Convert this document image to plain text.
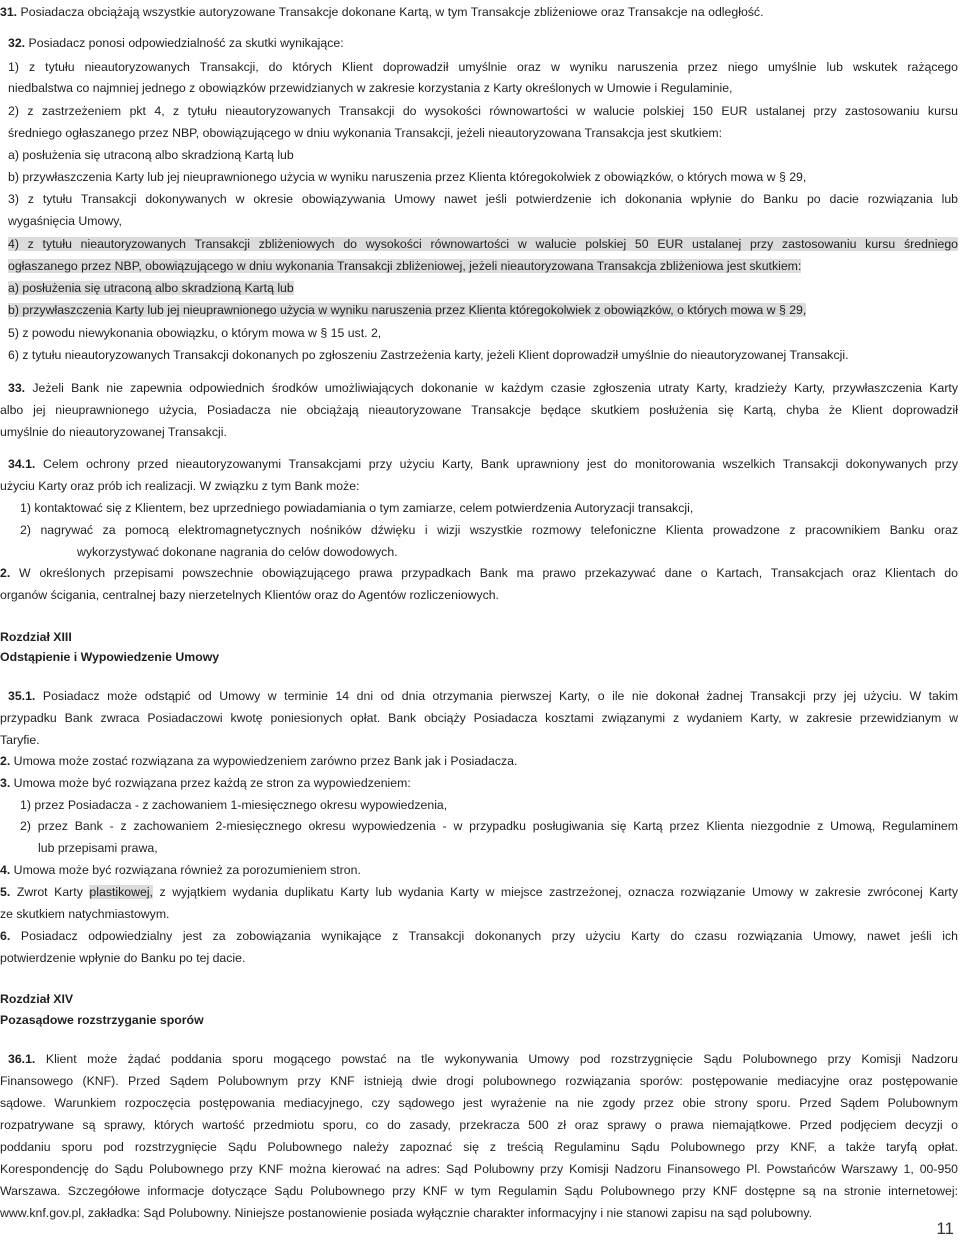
31. Posiadacza obciążają wszystkie autoryzowane Transakcje dokonane Kartą, w tym Transakcje zbliżeniowe oraz Transakcje na odległość.
32. Posiadacz ponosi odpowiedzialność za skutki wynikające:
1) z tytułu nieautoryzowanych Transakcji, do których Klient doprowadził umyślnie oraz w wyniku naruszenia przez niego umyślnie lub wskutek rażącego
niedbalstwa co najmniej jednego z obowiązków przewidzianych w zakresie korzystania z Karty określonych w Umowie i Regulaminie,
2) z zastrzeżeniem pkt 4, z tytułu nieautoryzowanych Transakcji do wysokości równowartości w walucie polskiej 150 EUR ustalanej przy zastosowaniu kursu
średniego ogłaszanego przez NBP, obowiązującego w dniu wykonania Transakcji, jeżeli nieautoryzowana Transakcja jest skutkiem:
a) posłużenia się utraconą albo skradzioną Kartą lub
b) przywłaszczenia Karty lub jej nieuprawnionego użycia w wyniku naruszenia przez Klienta któregokolwiek z obowiązków, o których mowa w § 29,
3) z tytułu Transakcji dokonywanych w okresie obowiązywania Umowy nawet jeśli potwierdzenie ich dokonania wpłynie do Banku po dacie rozwiązania lub
wygaśnięcia Umowy,
4) z tytułu nieautoryzowanych Transakcji zbliżeniowych do wysokości równowartości w walucie polskiej 50 EUR ustalanej przy zastosowaniu kursu średniego
ogłaszanego przez NBP, obowiązującego w dniu wykonania Transakcji zbliżeniowej, jeżeli nieautoryzowana Transakcja zbliżeniowa jest skutkiem:
a) posłużenia się utraconą albo skradzioną Kartą lub
b) przywłaszczenia Karty lub jej nieuprawnionego użycia w wyniku naruszenia przez Klienta któregokolwiek z obowiązków, o których mowa w § 29,
5) z powodu niewykonania obowiązku, o którym mowa w § 15 ust. 2,
6) z tytułu nieautoryzowanych Transakcji dokonanych po zgłoszeniu Zastrzeżenia karty, jeżeli Klient doprowadził umyślnie do nieautoryzowanej Transakcji.
33. Jeżeli Bank nie zapewnia odpowiednich środków umożliwiających dokonanie w każdym czasie zgłoszenia utraty Karty, kradzieży Karty, przywłaszczenia Karty
albo jej nieuprawnionego użycia, Posiadacza nie obciążają nieautoryzowane Transakcje będące skutkiem posłużenia się Kartą, chyba że Klient doprowadził
umyślnie do nieautoryzowanej Transakcji.
34.1. Celem ochrony przed nieautoryzowanymi Transakcjami przy użyciu Karty, Bank uprawniony jest do monitorowania wszelkich Transakcji dokonywanych przy
użyciu Karty oraz prób ich realizacji. W związku z tym Bank może:
1) kontaktować się z Klientem, bez uprzedniego powiadamiania o tym zamiarze, celem potwierdzenia Autoryzacji transakcji,
2) nagrywać za pomocą elektromagnetycznych nośników dźwięku i wizji wszystkie rozmowy telefoniczne Klienta prowadzone z pracownikiem Banku oraz
wykorzystywać dokonane nagrania do celów dowodowych.
2. W określonych przepisami powszechnie obowiązującego prawa przypadkach Bank ma prawo przekazywać dane o Kartach, Transakcjach oraz Klientach do
organów ścigania, centralnej bazy nierzetelnych Klientów oraz do Agentów rozliczeniowych.
Rozdział XIII
Odstąpienie i Wypowiedzenie Umowy
35.1. Posiadacz może odstąpić od Umowy w terminie 14 dni od dnia otrzymania pierwszej Karty, o ile nie dokonał żadnej Transakcji przy jej użyciu. W takim
przypadku Bank zwraca Posiadaczowi kwotę poniesionych opłat. Bank obciąży Posiadacza kosztami związanymi z wydaniem Karty, w zakresie przewidzianym w
Taryfie.
2. Umowa może zostać rozwiązana za wypowiedzeniem zarówno przez Bank jak i Posiadacza.
3. Umowa może być rozwiązana przez każdą ze stron za wypowiedzeniem:
1) przez Posiadacza - z zachowaniem 1-miesięcznego okresu wypowiedzenia,
2) przez Bank - z zachowaniem 2-miesięcznego okresu wypowiedzenia - w przypadku posługiwania się Kartą przez Klienta niezgodnie z Umową, Regulaminem
lub przepisami prawa,
4. Umowa może być rozwiązana również za porozumieniem stron.
5. Zwrot Karty plastikowej, z wyjątkiem wydania duplikatu Karty lub wydania Karty w miejsce zastrzeżonej, oznacza rozwiązanie Umowy w zakresie zwróconej Karty
ze skutkiem natychmiastowym.
6. Posiadacz odpowiedzialny jest za zobowiązania wynikające z Transakcji dokonanych przy użyciu Karty do czasu rozwiązania Umowy, nawet jeśli ich
potwierdzenie wpłynie do Banku po tej dacie.
Rozdział XIV
Pozasądowe rozstrzyganie sporów
36.1. Klient może żądać poddania sporu mogącego powstać na tle wykonywania Umowy pod rozstrzygnięcie Sądu Polubownego przy Komisji Nadzoru
Finansowego (KNF). Przed Sądem Polubownym przy KNF istnieją dwie drogi polubownego rozwiązania sporów: postępowanie mediacyjne oraz postępowanie
sądowe. Warunkiem rozpoczęcia postępowania mediacyjnego, czy sądowego jest wyrażenie na nie zgody przez obie strony sporu. Przed Sądem Polubownym
rozpatrywane są sprawy, których wartość przedmiotu sporu, co do zasady, przekracza 500 zł oraz sprawy o prawa niemajątkowe. Przed podjęciem decyzji o
poddaniu sporu pod rozstrzygnięcie Sądu Polubownego należy zapoznać się z treścią Regulaminu Sądu Polubownego przy KNF, a także taryfą opłat.
Korespondencję do Sądu Polubownego przy KNF można kierować na adres: Sąd Polubowny przy Komisji Nadzoru Finansowego Pl. Powstańców Warszawy 1, 00-950
Warszawa. Szczegółowe informacje dotyczące Sądu Polubownego przy KNF w tym Regulamin Sądu Polubownego przy KNF dostępne są na stronie internetowej:
www.knf.gov.pl, zakładka: Sąd Polubowny. Niniejsze postanowienie posiada wyłącznie charakter informacyjny i nie stanowi zapisu na sąd polubowny.
11
